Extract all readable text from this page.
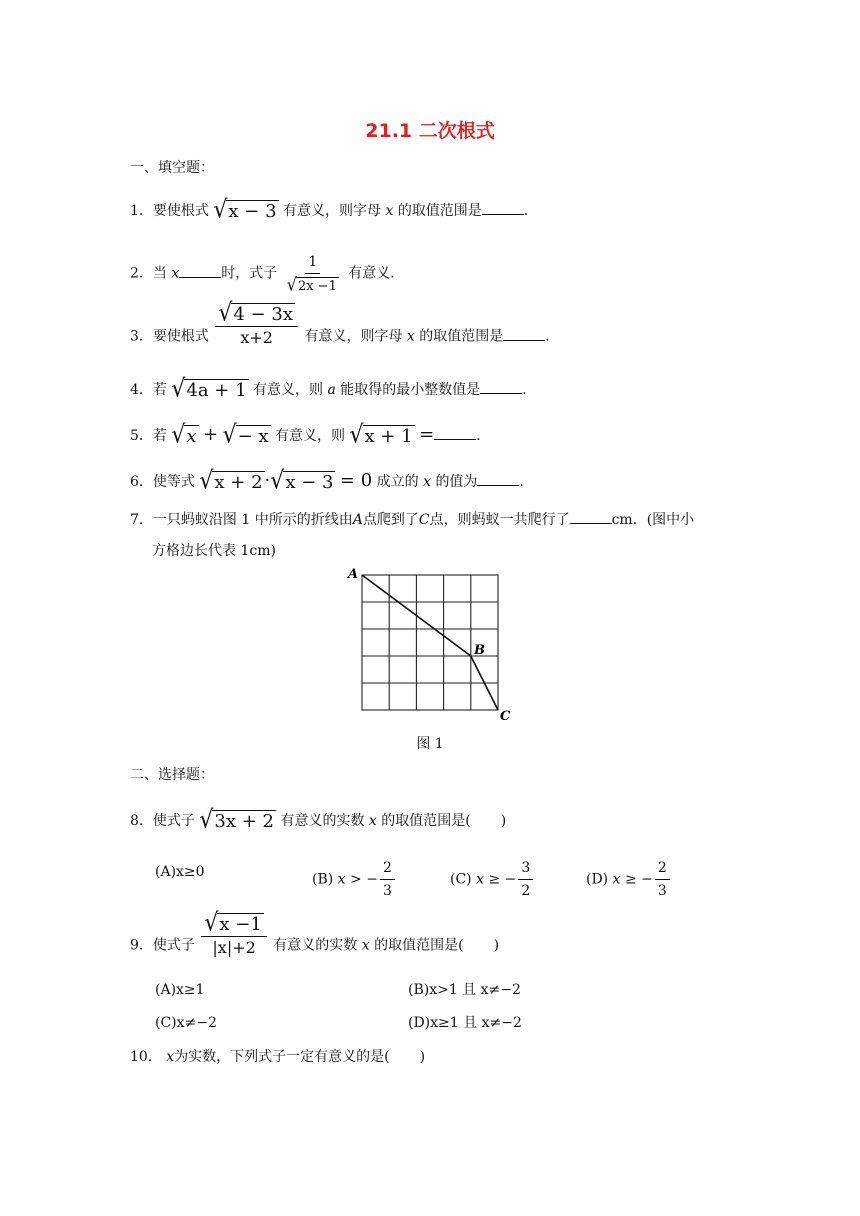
21.1 二次根式
一、填空题：
1．要使根式 √ x − 3 有意义，则字母 x 的取值范围是	．
2．当 x	时，式子 $\frac{1}{√ 2x -1}$ 有意义．
3．要使根式 $\frac{√ 4 - 3x}{x+2}$ 有意义，则字母 x 的取值范围是	．
4．若 √ 4a + 1 有意义，则 a 能取得的最小整数值是	．
5．若 √ x + √ − x 有意义，则 √ x + 1 =	．
6．使等式 √ x + 2 · √ x − 3 = 0 成立的 x 的值为	．
7．一只蚂蚁沿图 1 中所示的折线由A点爬到了C点，则蚂蚁一共爬行了	cm．(图中小
方格边长代表 1cm)
A
B
C
图 1
二、选择题：
8．使式子 √ 3x + 2 有意义的实数 x 的取值范围是( )
(A)x≥0	(B) x > − $\frac{2}{3}$	(C) x ≥ − $\frac{3}{2}$	(D) x ≥ − $\frac{2}{3}$
9．使式子 $\frac{√ x -1}{|x|+2}$ 有意义的实数 x 的取值范围是( )
(A)x≥1	(B)x>1 且 x≠−2
(C)x≠−2	(D)x≥1 且 x≠−2
10． x为实数，下列式子一定有意义的是( )
